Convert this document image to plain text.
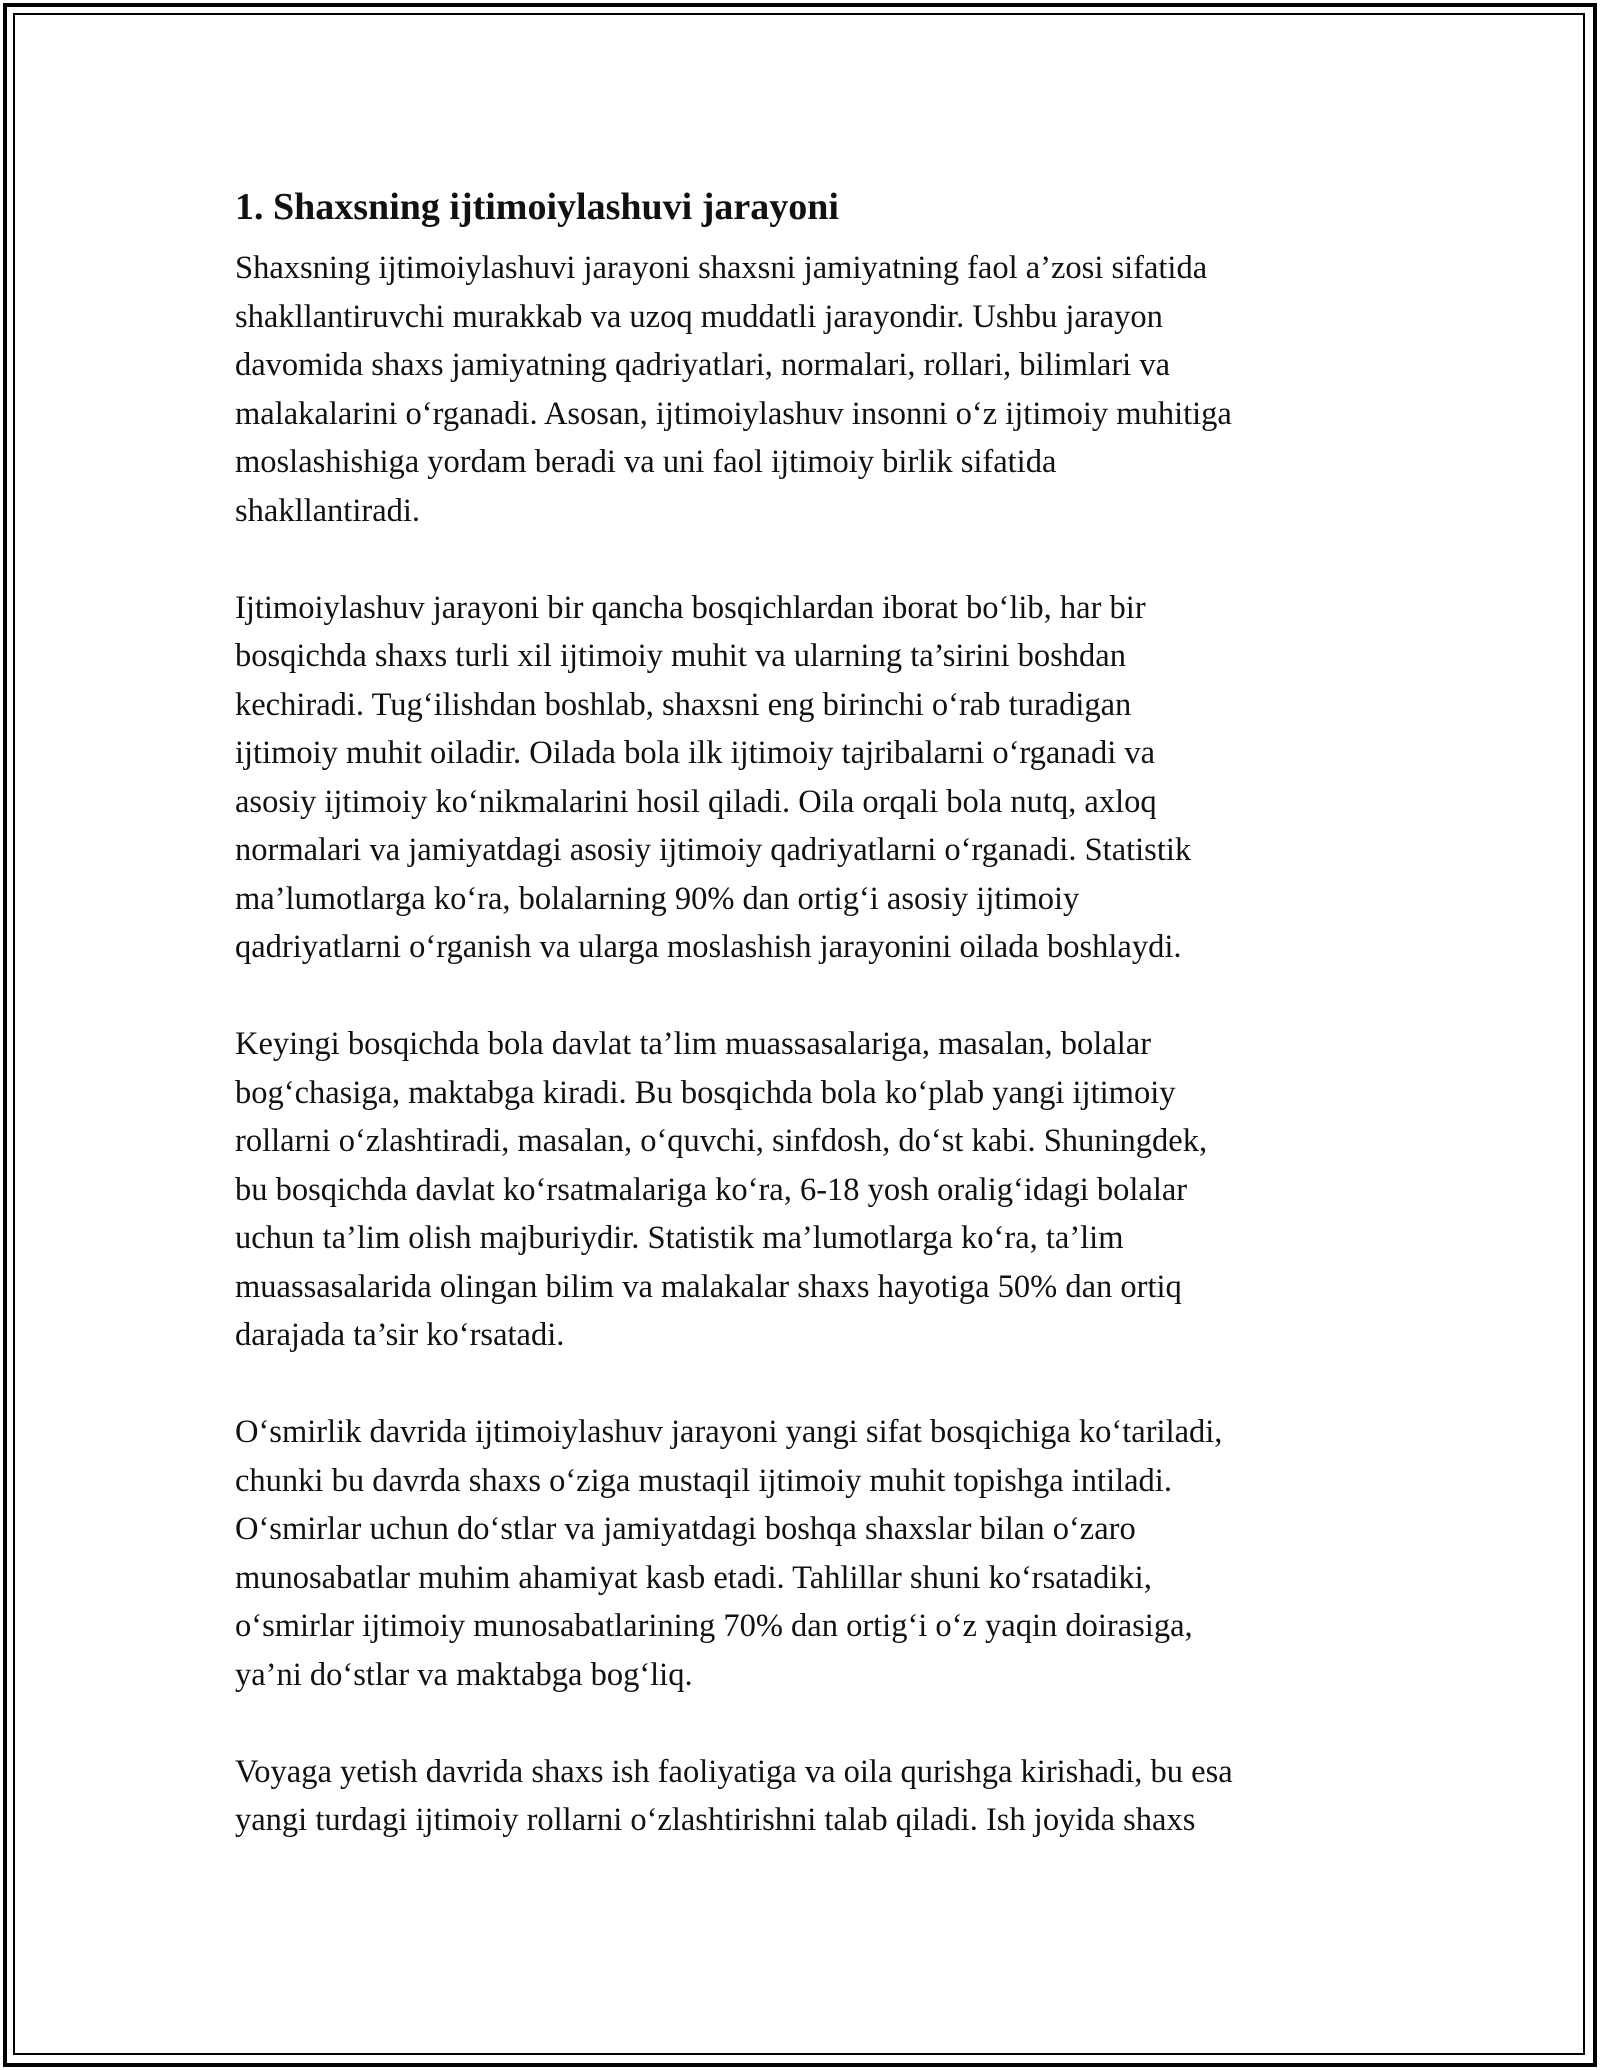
1. Shaxsning ijtimoiylashuvi jarayoni

Shaxsning ijtimoiylashuvi jarayoni shaxsni jamiyatning faol a’zosi sifatida
shakllantiruvchi murakkab va uzoq muddatli jarayondir. Ushbu jarayon
davomida shaxs jamiyatning qadriyatlari, normalari, rollari, bilimlari va
malakalarini o‘rganadi. Asosan, ijtimoiylashuv insonni o‘z ijtimoiy muhitiga
moslashishiga yordam beradi va uni faol ijtimoiy birlik sifatida
shakllantiradi.

Ijtimoiylashuv jarayoni bir qancha bosqichlardan iborat bo‘lib, har bir
bosqichda shaxs turli xil ijtimoiy muhit va ularning ta’sirini boshdan
kechiradi. Tug‘ilishdan boshlab, shaxsni eng birinchi o‘rab turadigan
ijtimoiy muhit oiladir. Oilada bola ilk ijtimoiy tajribalarni o‘rganadi va
asosiy ijtimoiy ko‘nikmalarini hosil qiladi. Oila orqali bola nutq, axloq
normalari va jamiyatdagi asosiy ijtimoiy qadriyatlarni o‘rganadi. Statistik
ma’lumotlarga ko‘ra, bolalarning 90% dan ortig‘i asosiy ijtimoiy
qadriyatlarni o‘rganish va ularga moslashish jarayonini oilada boshlaydi.

Keyingi bosqichda bola davlat ta’lim muassasalariga, masalan, bolalar
bog‘chasiga, maktabga kiradi. Bu bosqichda bola ko‘plab yangi ijtimoiy
rollarni o‘zlashtiradi, masalan, o‘quvchi, sinfdosh, do‘st kabi. Shuningdek,
bu bosqichda davlat ko‘rsatmalariga ko‘ra, 6-18 yosh oralig‘idagi bolalar
uchun ta’lim olish majburiydir. Statistik ma’lumotlarga ko‘ra, ta’lim
muassasalarida olingan bilim va malakalar shaxs hayotiga 50% dan ortiq
darajada ta’sir ko‘rsatadi.

O‘smirlik davrida ijtimoiylashuv jarayoni yangi sifat bosqichiga ko‘tariladi,
chunki bu davrda shaxs o‘ziga mustaqil ijtimoiy muhit topishga intiladi.
O‘smirlar uchun do‘stlar va jamiyatdagi boshqa shaxslar bilan o‘zaro
munosabatlar muhim ahamiyat kasb etadi. Tahlillar shuni ko‘rsatadiki,
o‘smirlar ijtimoiy munosabatlarining 70% dan ortig‘i o‘z yaqin doirasiga,
ya’ni do‘stlar va maktabga bog‘liq.

Voyaga yetish davrida shaxs ish faoliyatiga va oila qurishga kirishadi, bu esa
yangi turdagi ijtimoiy rollarni o‘zlashtirishni talab qiladi. Ish joyida shaxs
